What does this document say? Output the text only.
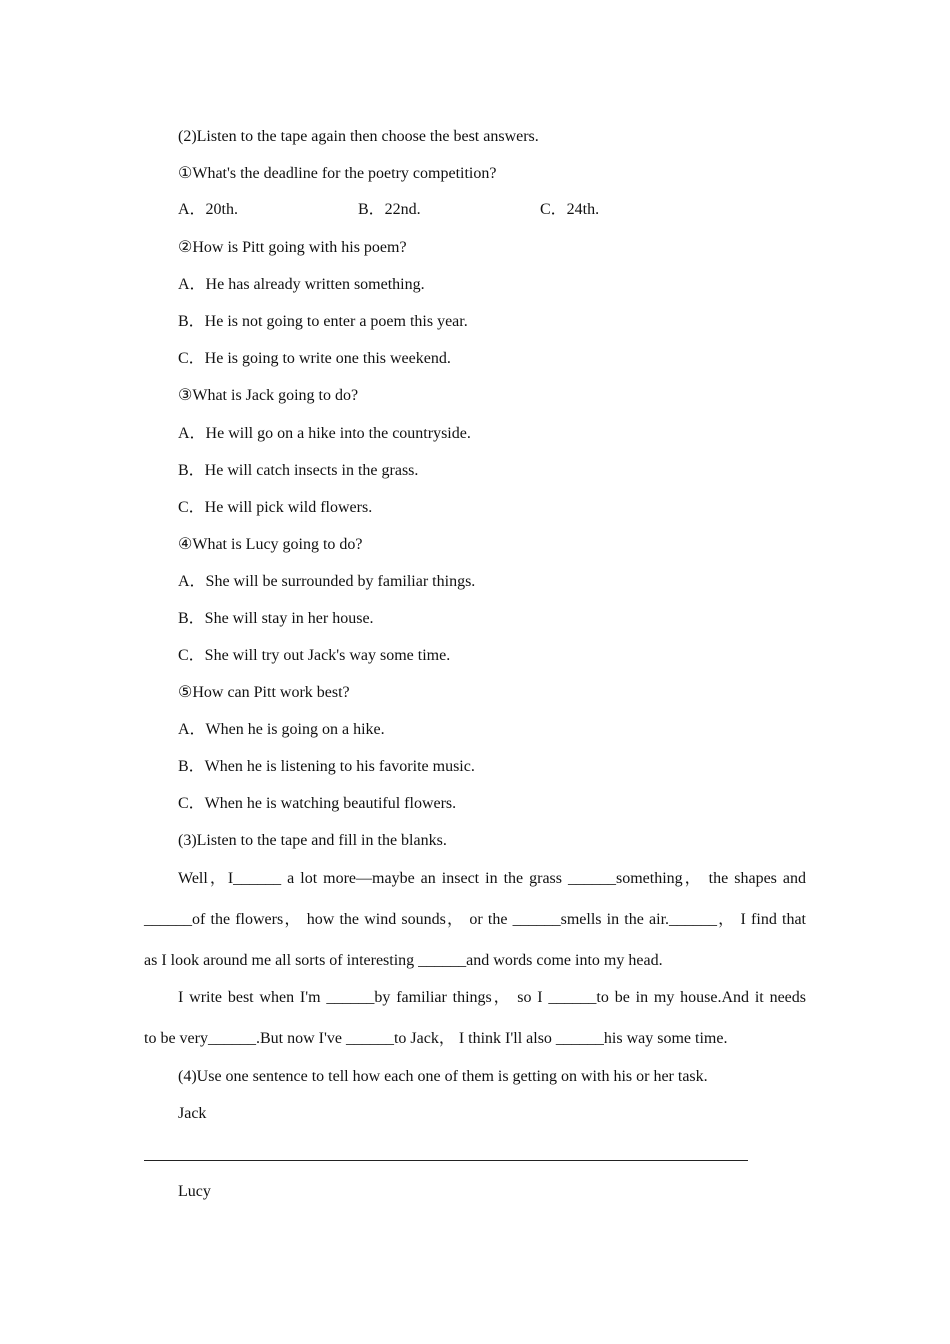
(2)Listen to the tape again then choose the best answers.

①What's the deadline for the poetry competition?

A．20th.	B．22nd.	C．24th.

②How is Pitt going with his poem?

A．He has already written something.

B．He is not going to enter a poem this year.

C．He is going to write one this weekend.

③What is Jack going to do?

A．He will go on a hike into the countryside.

B．He will catch insects in the grass.

C．He will pick wild flowers.

④What is Lucy going to do?

A．She will be surrounded by familiar things.

B．She will stay in her house.

C．She will try out Jack's way some time.

⑤How can Pitt work best?

A．When he is going on a hike.

B．When he is listening to his favorite music.

C．When he is watching beautiful flowers.

(3)Listen to the tape and fill in the blanks.

Well，I______ a lot more—maybe an insect in the grass ______something， the shapes and

______of the flowers， how the wind sounds， or the ______smells in the air.______， I find that

as I look around me all sorts of interesting ______and words come into my head.

I write best when I'm ______by familiar things， so I ______to be in my house.And it needs

to be very______.But now I've ______to Jack， I think I'll also ______his way some time.

(4)Use one sentence to tell how each one of them is getting on with his or her task.

Jack

Lucy
